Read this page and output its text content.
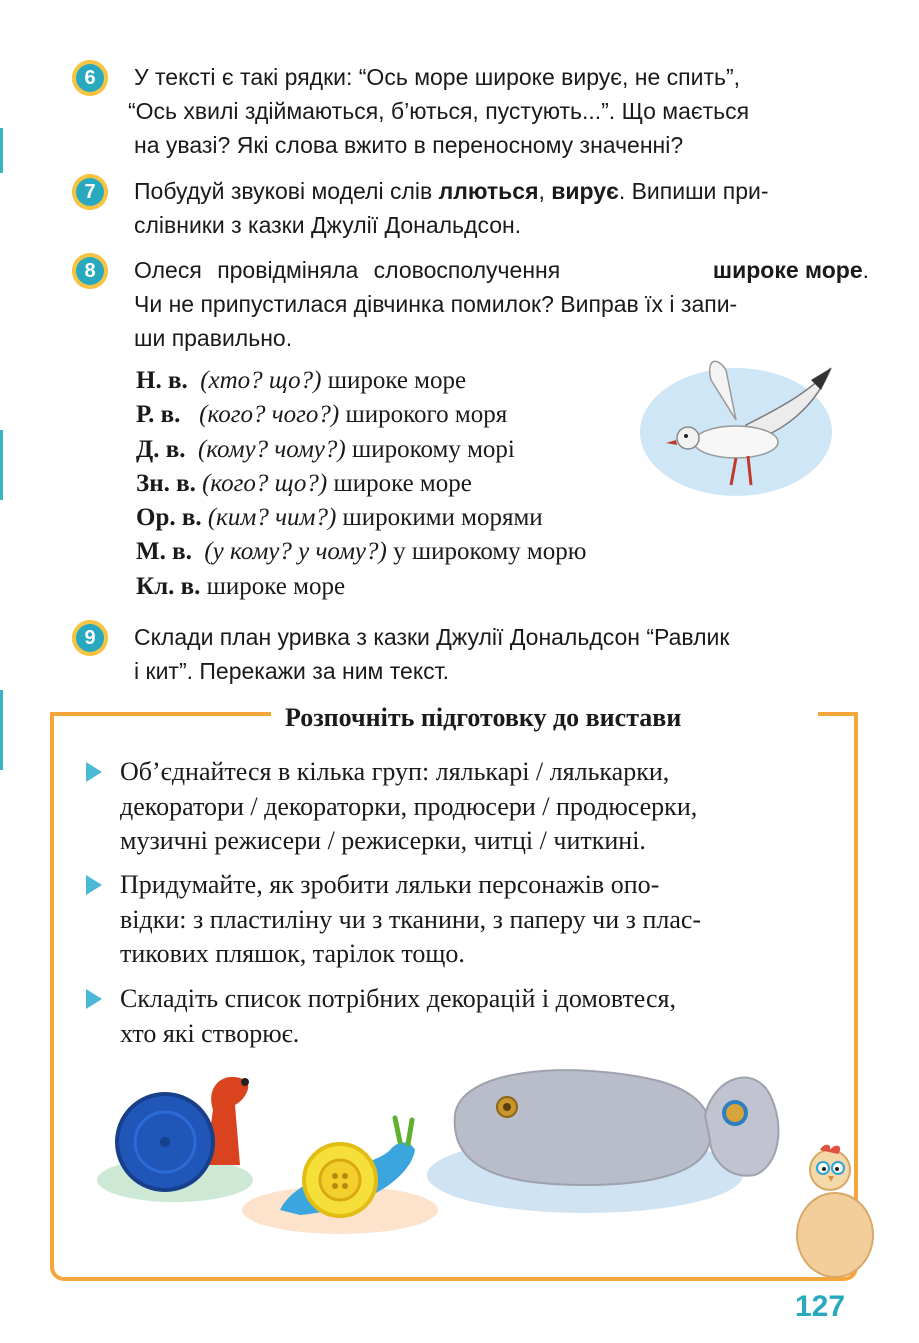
6	У тексті є такі рядки: “Ось море широке вирує, не спить”,
“Ось хвилі здіймаються, б’ються, пустують...”. Що мається
на увазі? Які слова вжито в переносному значенні?
7	Побудуй звукові моделі слів ллються, вирує. Випиши при-
слівники з казки Джулії Дональдсон.
8	Олеся провідміняла словосполучення	широке море.
Чи не припустилася дівчинка помилок? Виправ їх і запи-
ши правильно.
Н. в. (хто? що?) широке море
Р. в. (кого? чого?) широкого моря
Д. в. (кому? чому?) широкому морі
Зн. в. (кого? що?) широке море
Ор. в. (ким? чим?) широкими морями
М. в. (у кому? у чому?) у широкому морю
Кл. в. широке море
9	Склади план уривка з казки Джулії Дональдсон “Равлик
і кит”. Перекажи за ним текст.
Розпочніть підготовку до вистави
Об’єднайтеся в кілька груп: лялькарі / лялькарки,
декоратори / декораторки, продюсери / продюсерки,
музичні режисери / режисерки, читці / читкині.
Придумайте, як зробити ляльки персонажів опо-
відки: з пластиліну чи з тканини, з паперу чи з плас-
тикових пляшок, тарілок тощо.
Складіть список потрібних декорацій і домовтеся,
хто які створює.
127
